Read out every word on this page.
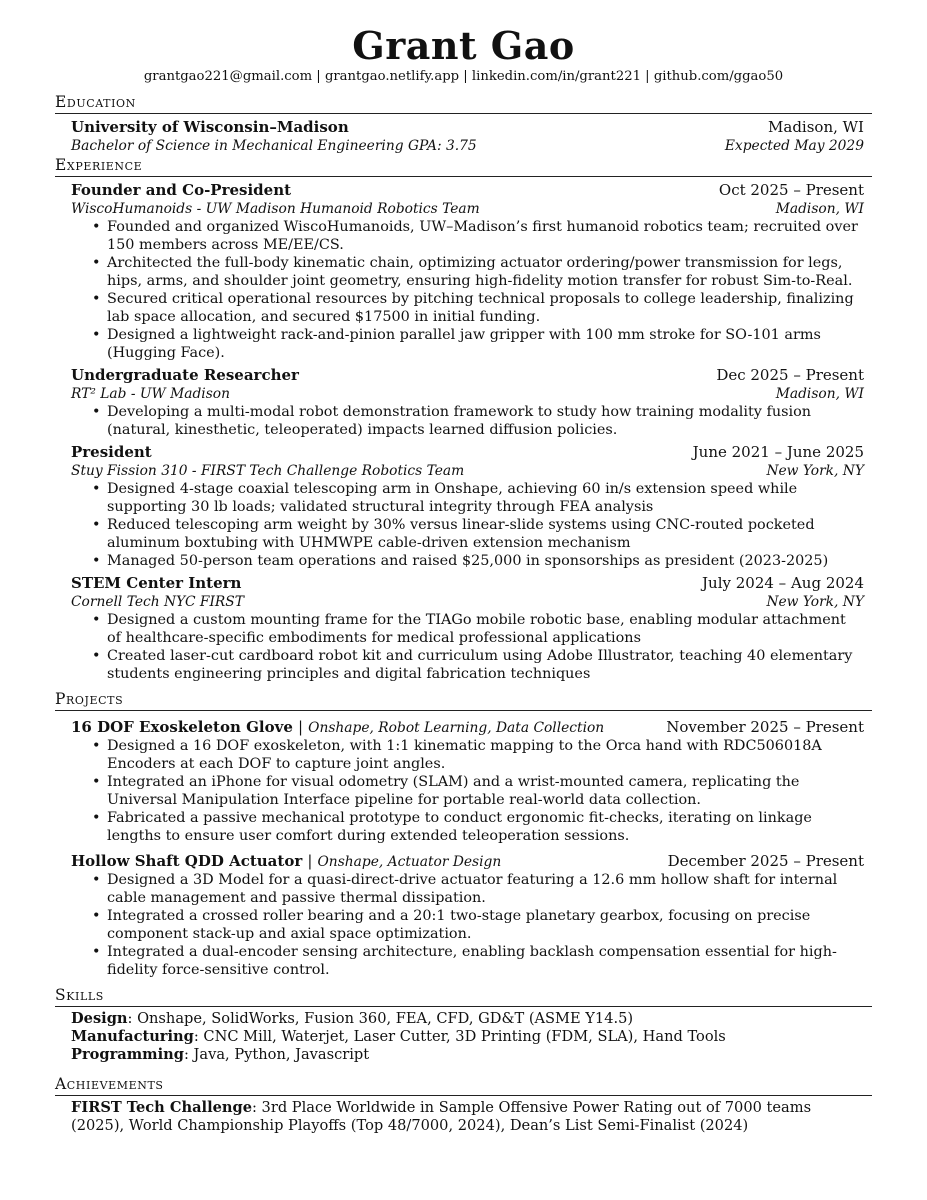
Grant Gao
grantgao221@gmail.com | grantgao.netlify.app | linkedin.com/in/grant221 | github.com/ggao50
Education
University of Wisconsin–Madison	Madison, WI
Bachelor of Science in Mechanical Engineering GPA: 3.75	Expected May 2029
Experience
Founder and Co-President	Oct 2025 – Present
WiscoHumanoids - UW Madison Humanoid Robotics Team	Madison, WI
• Founded and organized WiscoHumanoids, UW–Madison’s first humanoid robotics team; recruited over 150 members across ME/EE/CS.
• Architected the full-body kinematic chain, optimizing actuator ordering/power transmission for legs, hips, arms, and shoulder joint geometry, ensuring high-fidelity motion transfer for robust Sim-to-Real.
• Secured critical operational resources by pitching technical proposals to college leadership, finalizing lab space allocation, and secured $17500 in initial funding.
• Designed a lightweight rack-and-pinion parallel jaw gripper with 100 mm stroke for SO-101 arms (Hugging Face).
Undergraduate Researcher	Dec 2025 – Present
RT² Lab - UW Madison	Madison, WI
• Developing a multi-modal robot demonstration framework to study how training modality fusion (natural, kinesthetic, teleoperated) impacts learned diffusion policies.
President	June 2021 – June 2025
Stuy Fission 310 - FIRST Tech Challenge Robotics Team	New York, NY
• Designed 4-stage coaxial telescoping arm in Onshape, achieving 60 in/s extension speed while supporting 30 lb loads; validated structural integrity through FEA analysis
• Reduced telescoping arm weight by 30% versus linear-slide systems using CNC-routed pocketed aluminum boxtubing with UHMWPE cable-driven extension mechanism
• Managed 50-person team operations and raised $25,000 in sponsorships as president (2023-2025)
STEM Center Intern	July 2024 – Aug 2024
Cornell Tech NYC FIRST	New York, NY
• Designed a custom mounting frame for the TIAGo mobile robotic base, enabling modular attachment of healthcare-specific embodiments for medical professional applications
• Created laser-cut cardboard robot kit and curriculum using Adobe Illustrator, teaching 40 elementary students engineering principles and digital fabrication techniques
Projects
16 DOF Exoskeleton Glove | Onshape, Robot Learning, Data Collection	November 2025 – Present
• Designed a 16 DOF exoskeleton, with 1:1 kinematic mapping to the Orca hand with RDC506018A Encoders at each DOF to capture joint angles.
• Integrated an iPhone for visual odometry (SLAM) and a wrist-mounted camera, replicating the Universal Manipulation Interface pipeline for portable real-world data collection.
• Fabricated a passive mechanical prototype to conduct ergonomic fit-checks, iterating on linkage lengths to ensure user comfort during extended teleoperation sessions.
Hollow Shaft QDD Actuator | Onshape, Actuator Design	December 2025 – Present
• Designed a 3D Model for a quasi-direct-drive actuator featuring a 12.6 mm hollow shaft for internal cable management and passive thermal dissipation.
• Integrated a crossed roller bearing and a 20:1 two-stage planetary gearbox, focusing on precise component stack-up and axial space optimization.
• Integrated a dual-encoder sensing architecture, enabling backlash compensation essential for high-fidelity force-sensitive control.
Skills
Design: Onshape, SolidWorks, Fusion 360, FEA, CFD, GD&T (ASME Y14.5)
Manufacturing: CNC Mill, Waterjet, Laser Cutter, 3D Printing (FDM, SLA), Hand Tools
Programming: Java, Python, Javascript
Achievements
FIRST Tech Challenge: 3rd Place Worldwide in Sample Offensive Power Rating out of 7000 teams (2025), World Championship Playoffs (Top 48/7000, 2024), Dean’s List Semi-Finalist (2024)
